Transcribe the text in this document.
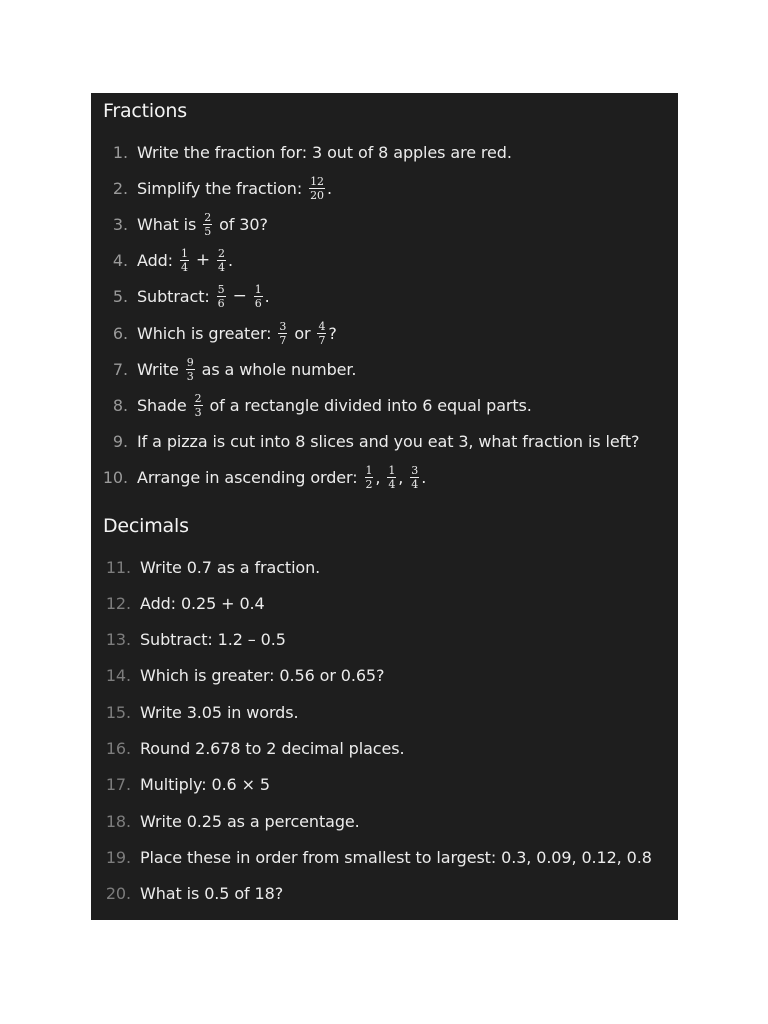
Fractions
1. Write the fraction for: 3 out of 8 apples are red.
2. Simplify the fraction: $\frac{12}{20}$ .
3. What is $\frac{2}{5}$ of 30?
4. Add: $\frac{1}{4} + \frac{2}{4}$ .
5. Subtract: $\frac{5}{6} - \frac{1}{6}$ .
6. Which is greater: $\frac{3}{7}$ or $\frac{4}{7}$ ?
7. Write $\frac{9}{3}$ as a whole number.
8. Shade $\frac{2}{3}$ of a rectangle divided into 6 equal parts.
9. If a pizza is cut into 8 slices and you eat 3, what fraction is left?
10. Arrange in ascending order: $\frac{1}{2}$ , $\frac{1}{4}$ , $\frac{3}{4}$ .
Decimals
11. Write 0.7 as a fraction.
12. Add: 0.25 + 0.4
13. Subtract: 1.2 – 0.5
14. Which is greater: 0.56 or 0.65?
15. Write 3.05 in words.
16. Round 2.678 to 2 decimal places.
17. Multiply: 0.6 × 5
18. Write 0.25 as a percentage.
19. Place these in order from smallest to largest: 0.3, 0.09, 0.12, 0.8
20. What is 0.5 of 18?
